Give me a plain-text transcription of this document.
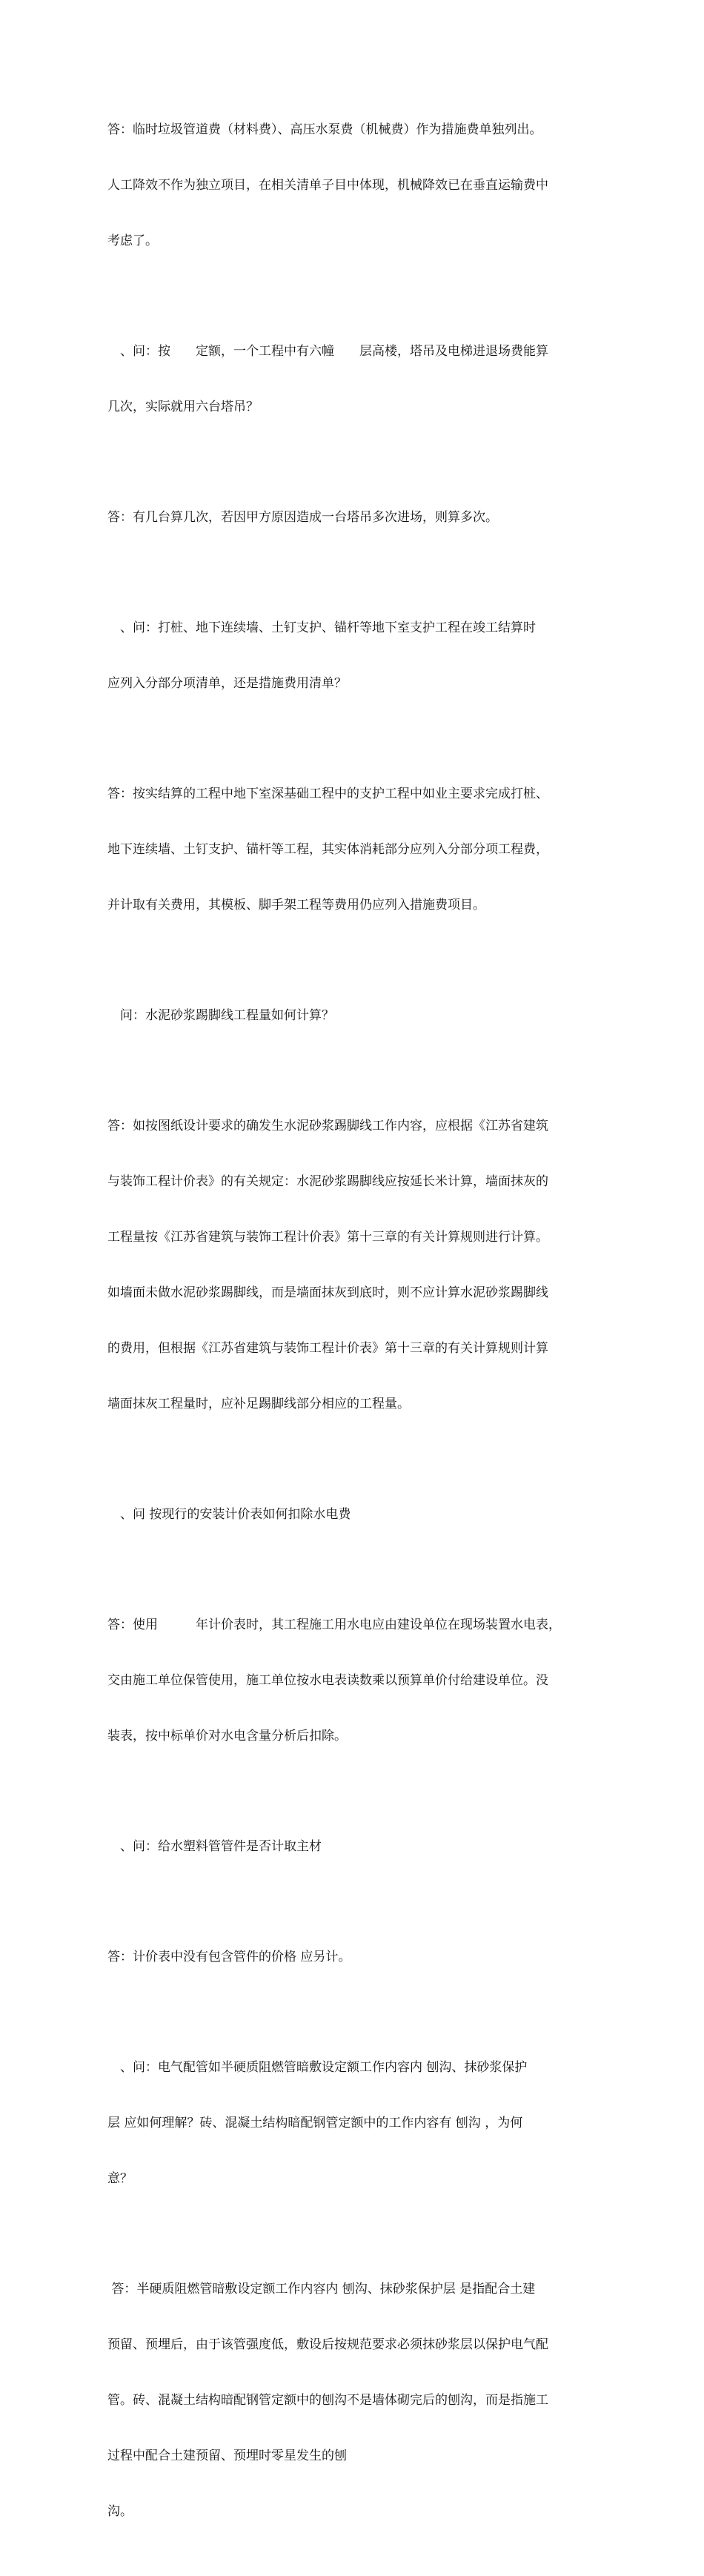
答：临时垃圾管道费（材料费）、高压水泵费（机械费）作为措施费单独列出。

人工降效不作为独立项目，在相关清单子目中体现，机械降效已在垂直运输费中

考虑了。

　、问：按　　定额，一个工程中有六幢　　层高楼，塔吊及电梯进退场费能算

几次，实际就用六台塔吊？

答：有几台算几次，若因甲方原因造成一台塔吊多次进场，则算多次。

　、问：打桩、地下连续墙、土钉支护、锚杆等地下室支护工程在竣工结算时

应列入分部分项清单，还是措施费用清单？

答：按实结算的工程中地下室深基础工程中的支护工程中如业主要求完成打桩、

地下连续墙、土钉支护、锚杆等工程，其实体消耗部分应列入分部分项工程费，

并计取有关费用，其模板、脚手架工程等费用仍应列入措施费项目。

　问：水泥砂浆踢脚线工程量如何计算？

答：如按图纸设计要求的确发生水泥砂浆踢脚线工作内容，应根据《江苏省建筑

与装饰工程计价表》的有关规定：水泥砂浆踢脚线应按延长米计算，墙面抹灰的

工程量按《江苏省建筑与装饰工程计价表》第十三章的有关计算规则进行计算。

如墙面未做水泥砂浆踢脚线，而是墙面抹灰到底时，则不应计算水泥砂浆踢脚线

的费用，但根据《江苏省建筑与装饰工程计价表》第十三章的有关计算规则计算

墙面抹灰工程量时，应补足踢脚线部分相应的工程量。

　、问 按现行的安装计价表如何扣除水电费

答：使用　　　年计价表时，其工程施工用水电应由建设单位在现场装置水电表，

交由施工单位保管使用，施工单位按水电表读数乘以预算单价付给建设单位。没

装表，按中标单价对水电含量分析后扣除。

　、问：给水塑料管管件是否计取主材

答：计价表中没有包含管件的价格 应另计。

　、问：电气配管如半硬质阻燃管暗敷设定额工作内容内 刨沟、抹砂浆保护

层 应如何理解？砖、混凝土结构暗配钢管定额中的工作内容有 刨沟 ，为何

意？

答：半硬质阻燃管暗敷设定额工作内容内 刨沟、抹砂浆保护层 是指配合土建

预留、预埋后，由于该管强度低，敷设后按规范要求必须抹砂浆层以保护电气配

管。砖、混凝土结构暗配钢管定额中的刨沟不是墙体砌完后的刨沟，而是指施工

过程中配合土建预留、预埋时零星发生的刨

沟。
